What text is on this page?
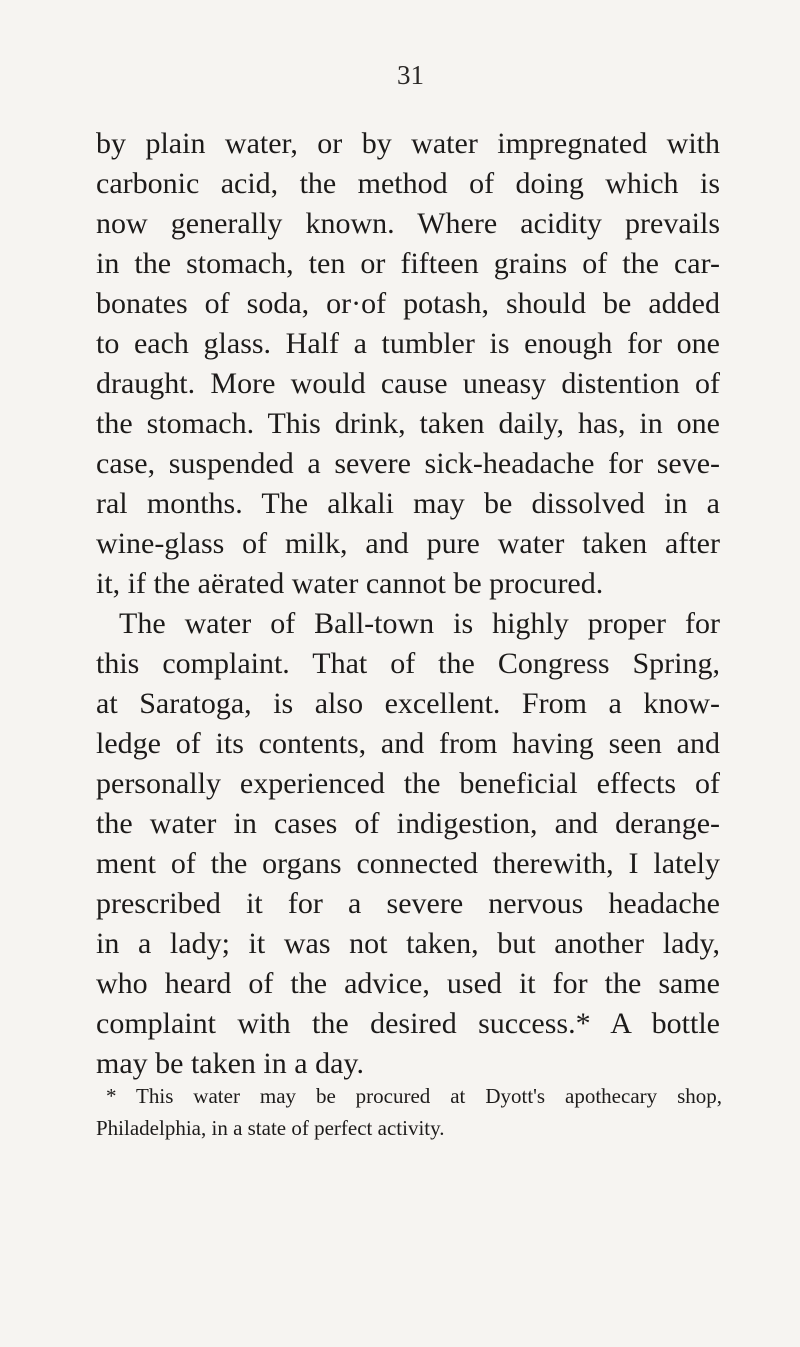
31
by plain water, or by water impregnated with
carbonic acid, the method of doing which is
now generally known. Where acidity prevails
in the stomach, ten or fifteen grains of the car-
bonates of soda, or·of potash, should be added
to each glass. Half a tumbler is enough for one
draught. More would cause uneasy distention of
the stomach. This drink, taken daily, has, in one
case, suspended a severe sick-headache for seve-
ral months. The alkali may be dissolved in a
wine-glass of milk, and pure water taken after
it, if the aërated water cannot be procured.
The water of Ball-town is highly proper for
this complaint. That of the Congress Spring,
at Saratoga, is also excellent. From a know-
ledge of its contents, and from having seen and
personally experienced the beneficial effects of
the water in cases of indigestion, and derange-
ment of the organs connected therewith, I lately
prescribed it for a severe nervous headache
in a lady; it was not taken, but another lady,
who heard of the advice, used it for the same
complaint with the desired success.* A bottle
may be taken in a day.
* This water may be procured at Dyott's apothecary shop,
Philadelphia, in a state of perfect activity.
